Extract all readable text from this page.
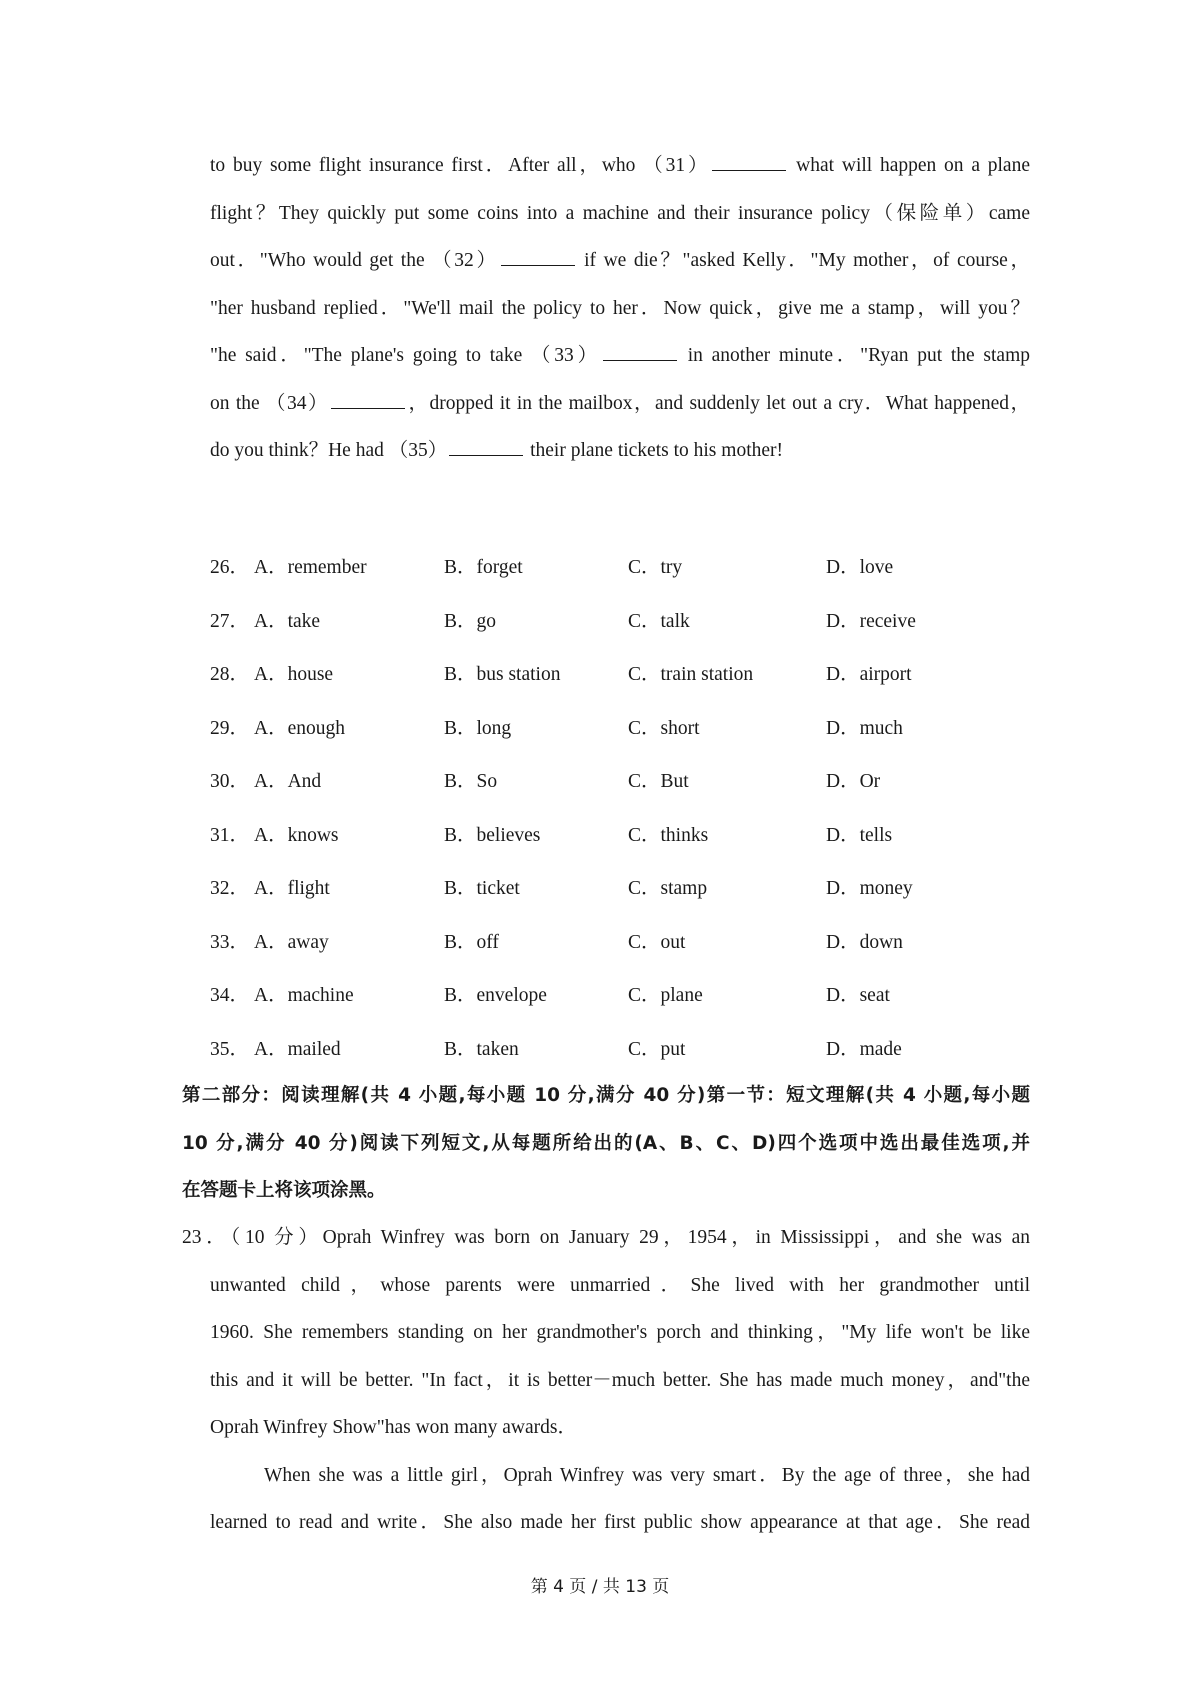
to buy some flight insurance first．After all，who （31）	what will happen on a plane
flight？They quickly put some coins into a machine and their insurance policy（保险单）came
out．"Who would get the （32）	if we die？"asked Kelly．"My mother，of course，
"her husband replied．"We'll mail the policy to her．Now quick，give me a stamp，will you？
"he said．"The plane's going to take （33）	in another minute．"Ryan put the stamp
on the （34）	，dropped it in the mailbox，and suddenly let out a cry．What happened，
do you think？He had （35）	their plane tickets to his mother!
26． A．remember	B．forget	C．try	D．love
27． A．take	B．go	C．talk	D．receive
28． A．house	B．bus station	C．train station	D．airport
29． A．enough	B．long	C．short	D．much
30． A．And	B．So	C．But	D．Or
31． A．knows	B．believes	C．thinks	D．tells
32． A．flight	B．ticket	C．stamp	D．money
33． A．away	B．off	C．out	D．down
34． A．machine	B．envelope	C．plane	D．seat
35． A．mailed	B．taken	C．put	D．made
第二部分：阅读理解(共 4 小题,每小题 10 分,满分 40 分)第一节：短文理解(共 4 小题,每小题
10 分,满分 40 分)阅读下列短文,从每题所给出的(A、B、C、D)四个选项中选出最佳选项,并
在答题卡上将该项涂黑。
23．（10 分）Oprah Winfrey was born on January 29，1954，in Mississippi，and she was an
unwanted child，whose parents were unmarried．She lived with her grandmother until
1960. She remembers standing on her grandmother's porch and thinking，"My life won't be like
this and it will be better. "In fact，it is better－much better. She has made much money，and"the
Oprah Winfrey Show"has won many awards．
When she was a little girl，Oprah Winfrey was very smart．By the age of three，she had
learned to read and write．She also made her first public show appearance at that age．She read
第 4 页 / 共 13 页
